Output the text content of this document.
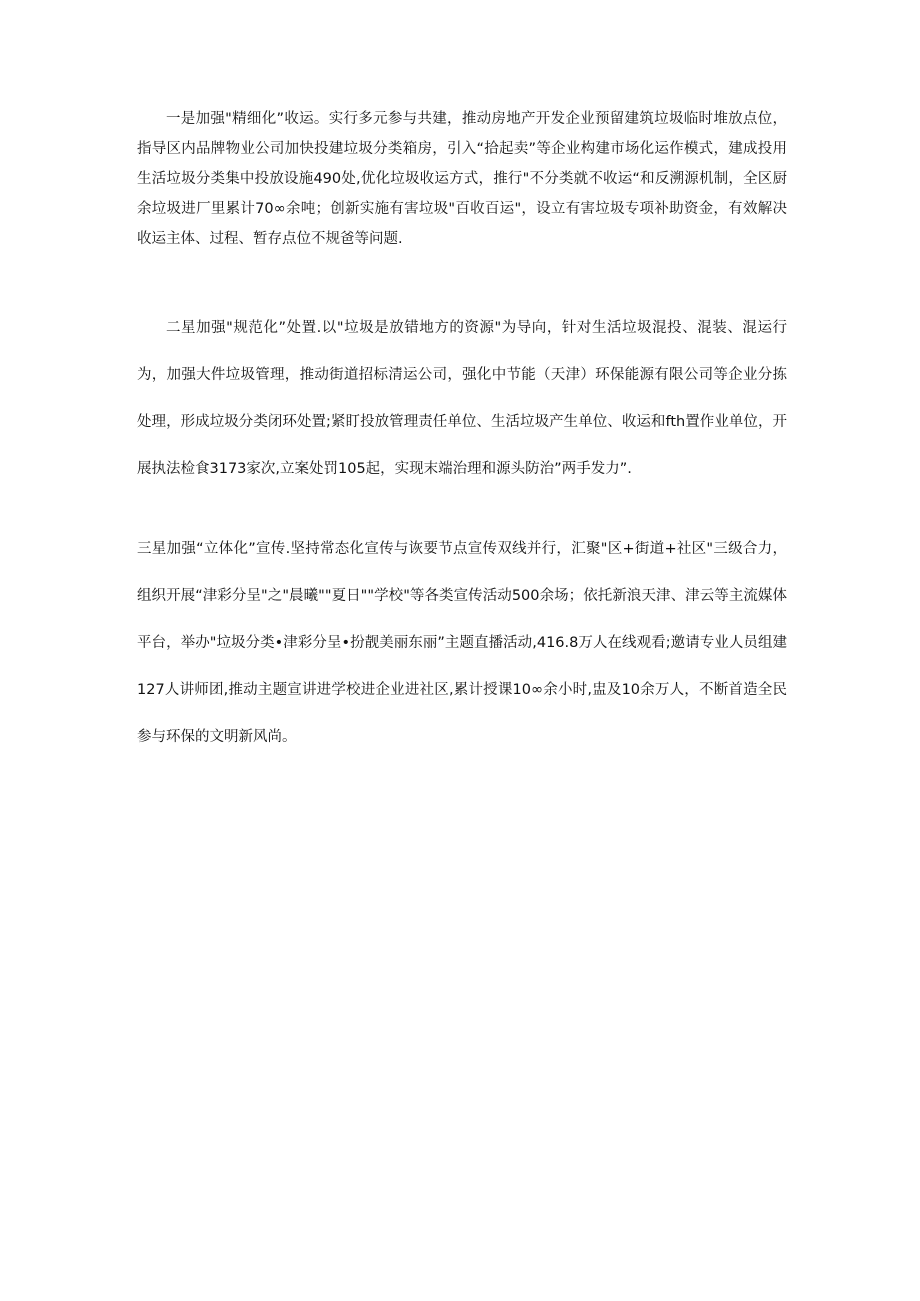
一是加强"精细化”收运。实行多元参与共建，推动房地产开发企业预留建筑垃圾临时堆放点位，指导区内品牌物业公司加快投建垃圾分类箱房，引入“拾起卖”等企业构建市场化运作模式，建成投用生活垃圾分类集中投放设施490处,优化垃圾收运方式，推行"不分类就不收运“和反溯源机制，全区厨余垃圾进厂里累计70∞余吨；创新实施有害垃圾"百收百运"，设立有害垃圾专项补助资金，有效解决收运主体、过程、暂存点位不规爸等问题.

二星加强"规范化”处置.以"垃圾是放错地方的资源"为导向，针对生活垃圾混投、混装、混运行为，加强大件垃圾管理，推动街道招标清运公司，强化中节能（天津）环保能源有限公司等企业分拣处理，形成垃圾分类闭环处置;紧盯投放管理责任单位、生活垃圾产生单位、收运和fth置作业单位，开展执法检食3173家次,立案处罚105起，实现末端治理和源头防治”两手发力”.

三星加强“立体化”宣传.坚持常态化宣传与诙要节点宣传双线并行，汇聚"区+街道+社区"三级合力，组织开展“津彩分呈"之"晨曦""夏日""学校"等各类宣传活动500余场；依托新浪天津、津云等主流媒体平台，举办"垃圾分类•津彩分呈•扮靓美丽东丽”主题直播活动,416.8万人在线观看;邀请专业人员组建127人讲师团,推动主题宣讲进学校进企业进社区,累计授课10∞余小时,盅及10余万人，不断首造全民参与环保的文明新风尚。
